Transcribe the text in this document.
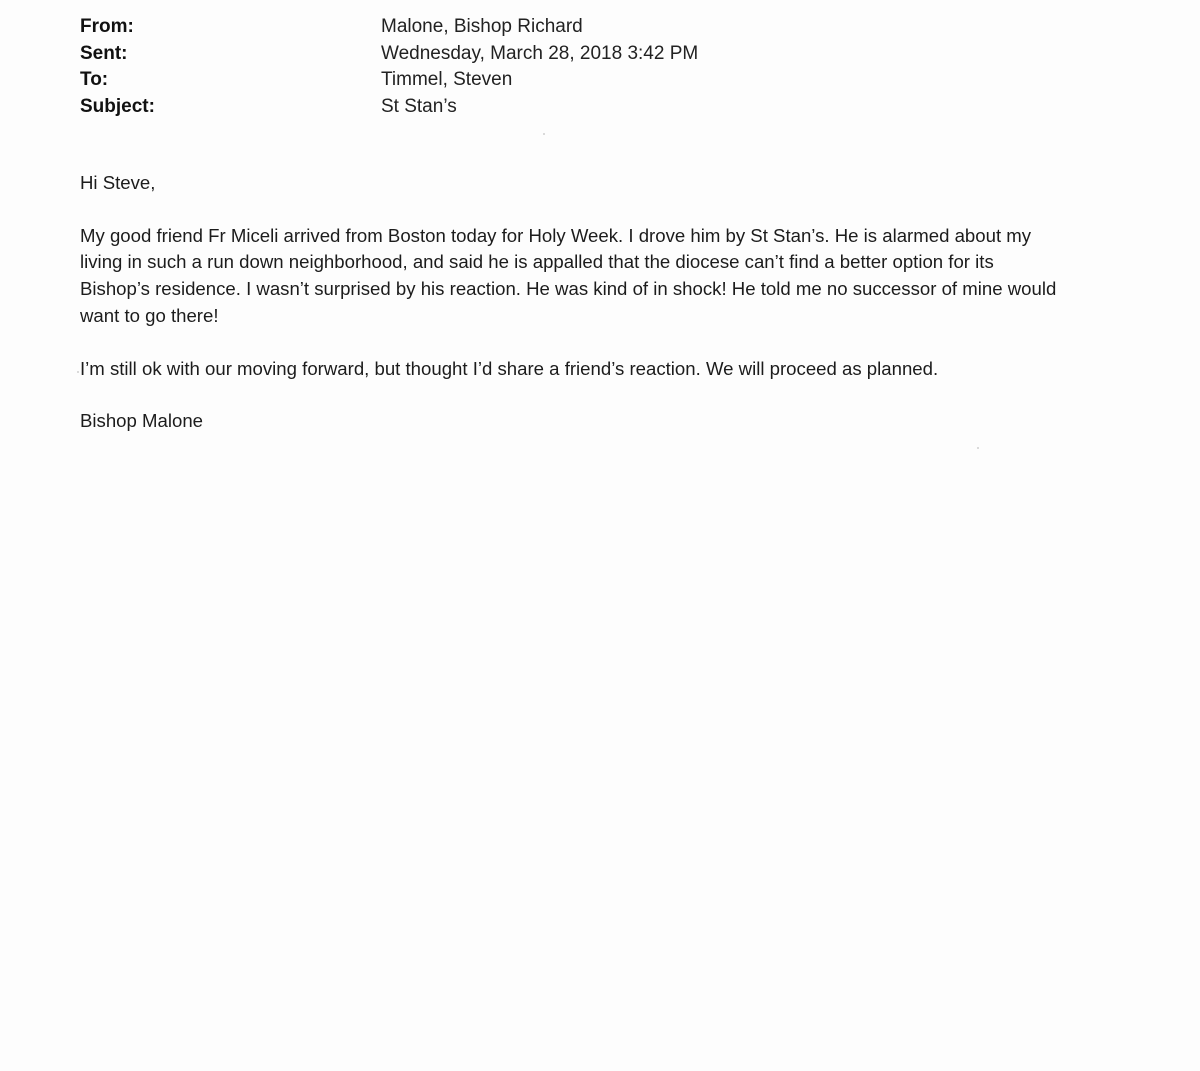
From:	Malone, Bishop Richard
Sent:	Wednesday, March 28, 2018 3:42 PM
To:	Timmel, Steven
Subject:	St Stan’s

Hi Steve,

My good friend Fr Miceli arrived from Boston today for Holy Week. I drove him by St Stan’s. He is alarmed about my
living in such a run down neighborhood, and said he is appalled that the diocese can’t find a better option for its
Bishop’s residence. I wasn’t surprised by his reaction. He was kind of in shock! He told me no successor of mine would
want to go there!

I’m still ok with our moving forward, but thought I’d share a friend’s reaction. We will proceed as planned.

Bishop Malone
